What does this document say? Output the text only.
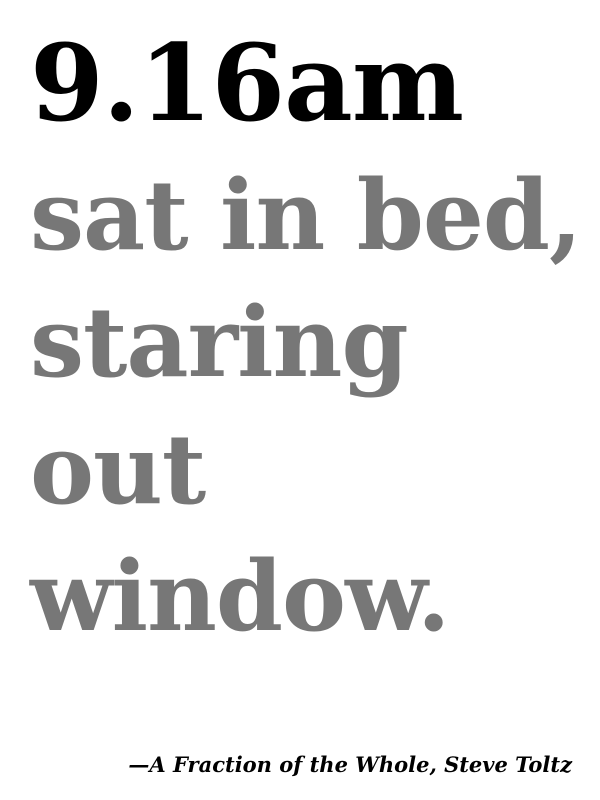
9.16am

sat in bed,
staring
out
window.

—A Fraction of the Whole, Steve Toltz
